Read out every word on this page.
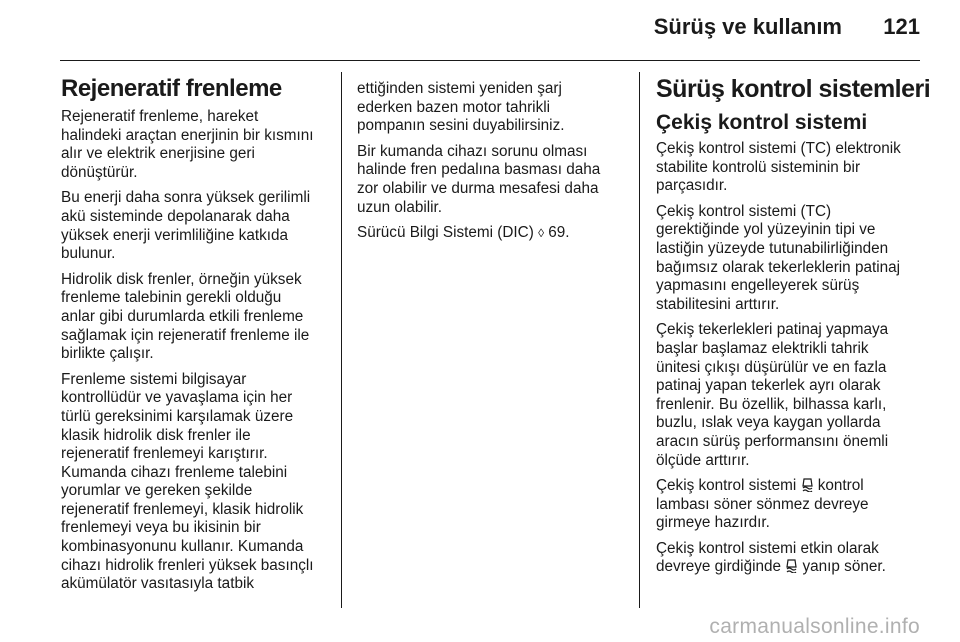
Sürüş ve kullanım 121
Rejeneratif frenleme

Rejeneratif frenleme, hareket
halindeki araçtan enerjinin bir kısmını
alır ve elektrik enerjisine geri
dönüştürür.

Bu enerji daha sonra yüksek gerilimli
akü sisteminde depolanarak daha
yüksek enerji verimliliğine katkıda
bulunur.

Hidrolik disk frenler, örneğin yüksek
frenleme talebinin gerekli olduğu
anlar gibi durumlarda etkili frenleme
sağlamak için rejeneratif frenleme ile
birlikte çalışır.

Frenleme sistemi bilgisayar
kontrollüdür ve yavaşlama için her
türlü gereksinimi karşılamak üzere
klasik hidrolik disk frenler ile
rejeneratif frenlemeyi karıştırır.
Kumanda cihazı frenleme talebini
yorumlar ve gereken şekilde
rejeneratif frenlemeyi, klasik hidrolik
frenlemeyi veya bu ikisinin bir
kombinasyonunu kullanır. Kumanda
cihazı hidrolik frenleri yüksek basınçlı
akümülatör vasıtasıyla tatbik

ettiğinden sistemi yeniden şarj
ederken bazen motor tahrikli
pompanın sesini duyabilirsiniz.

Bir kumanda cihazı sorunu olması
halinde fren pedalına basması daha
zor olabilir ve durma mesafesi daha
uzun olabilir.

Sürücü Bilgi Sistemi (DIC) ◊ 69.

Sürüş kontrol sistemleri
Çekiş kontrol sistemi

Çekiş kontrol sistemi (TC) elektronik
stabilite kontrolü sisteminin bir
parçasıdır.

Çekiş kontrol sistemi (TC)
gerektiğinde yol yüzeyinin tipi ve
lastiğin yüzeyde tutunabilirliğinden
bağımsız olarak tekerleklerin patinaj
yapmasını engelleyerek sürüş
stabilitesini arttırır.

Çekiş tekerlekleri patinaj yapmaya
başlar başlamaz elektrikli tahrik
ünitesi çıkışı düşürülür ve en fazla
patinaj yapan tekerlek ayrı olarak
frenlenir. Bu özellik, bilhassa karlı,
buzlu, ıslak veya kaygan yollarda
aracın sürüş performansını önemli
ölçüde arttırır.

Çekiş kontrol sistemi kontrol
lambası söner sönmez devreye
girmeye hazırdır.

Çekiş kontrol sistemi etkin olarak
devreye girdiğinde yanıp söner.

carmanualsonline.info
